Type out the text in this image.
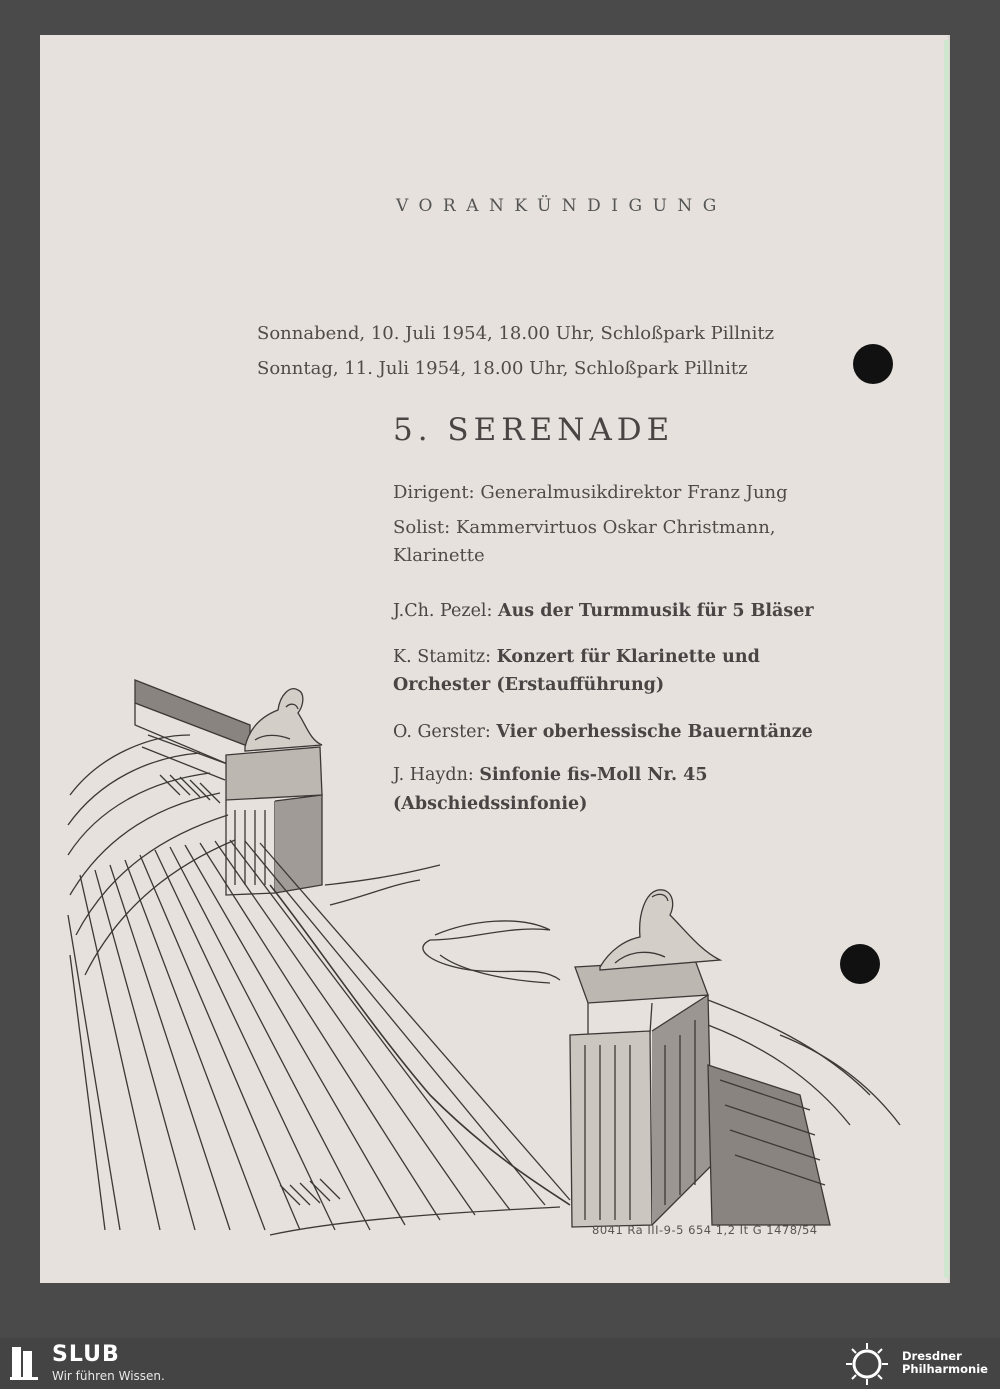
VORANKÜNDIGUNG
Sonnabend, 10. Juli 1954, 18.00 Uhr, Schloßpark Pillnitz
Sonntag, 11. Juli 1954, 18.00 Uhr, Schloßpark Pillnitz
5. SERENADE
Dirigent: Generalmusikdirektor Franz Jung
Solist: Kammervirtuos Oskar Christmann,
Klarinette
J.Ch. Pezel: Aus der Turmmusik für 5 Bläser
K. Stamitz: Konzert für Klarinette und
Orchester (Erstaufführung)
O. Gerster: Vier oberhessische Bauerntänze
J. Haydn: Sinfonie fis-Moll Nr. 45
(Abschiedssinfonie)
8041 Ra III-9-5 654 1,2 It G 1478/54
SLUB
Wir führen Wissen.
Dresdner
Philharmonie
